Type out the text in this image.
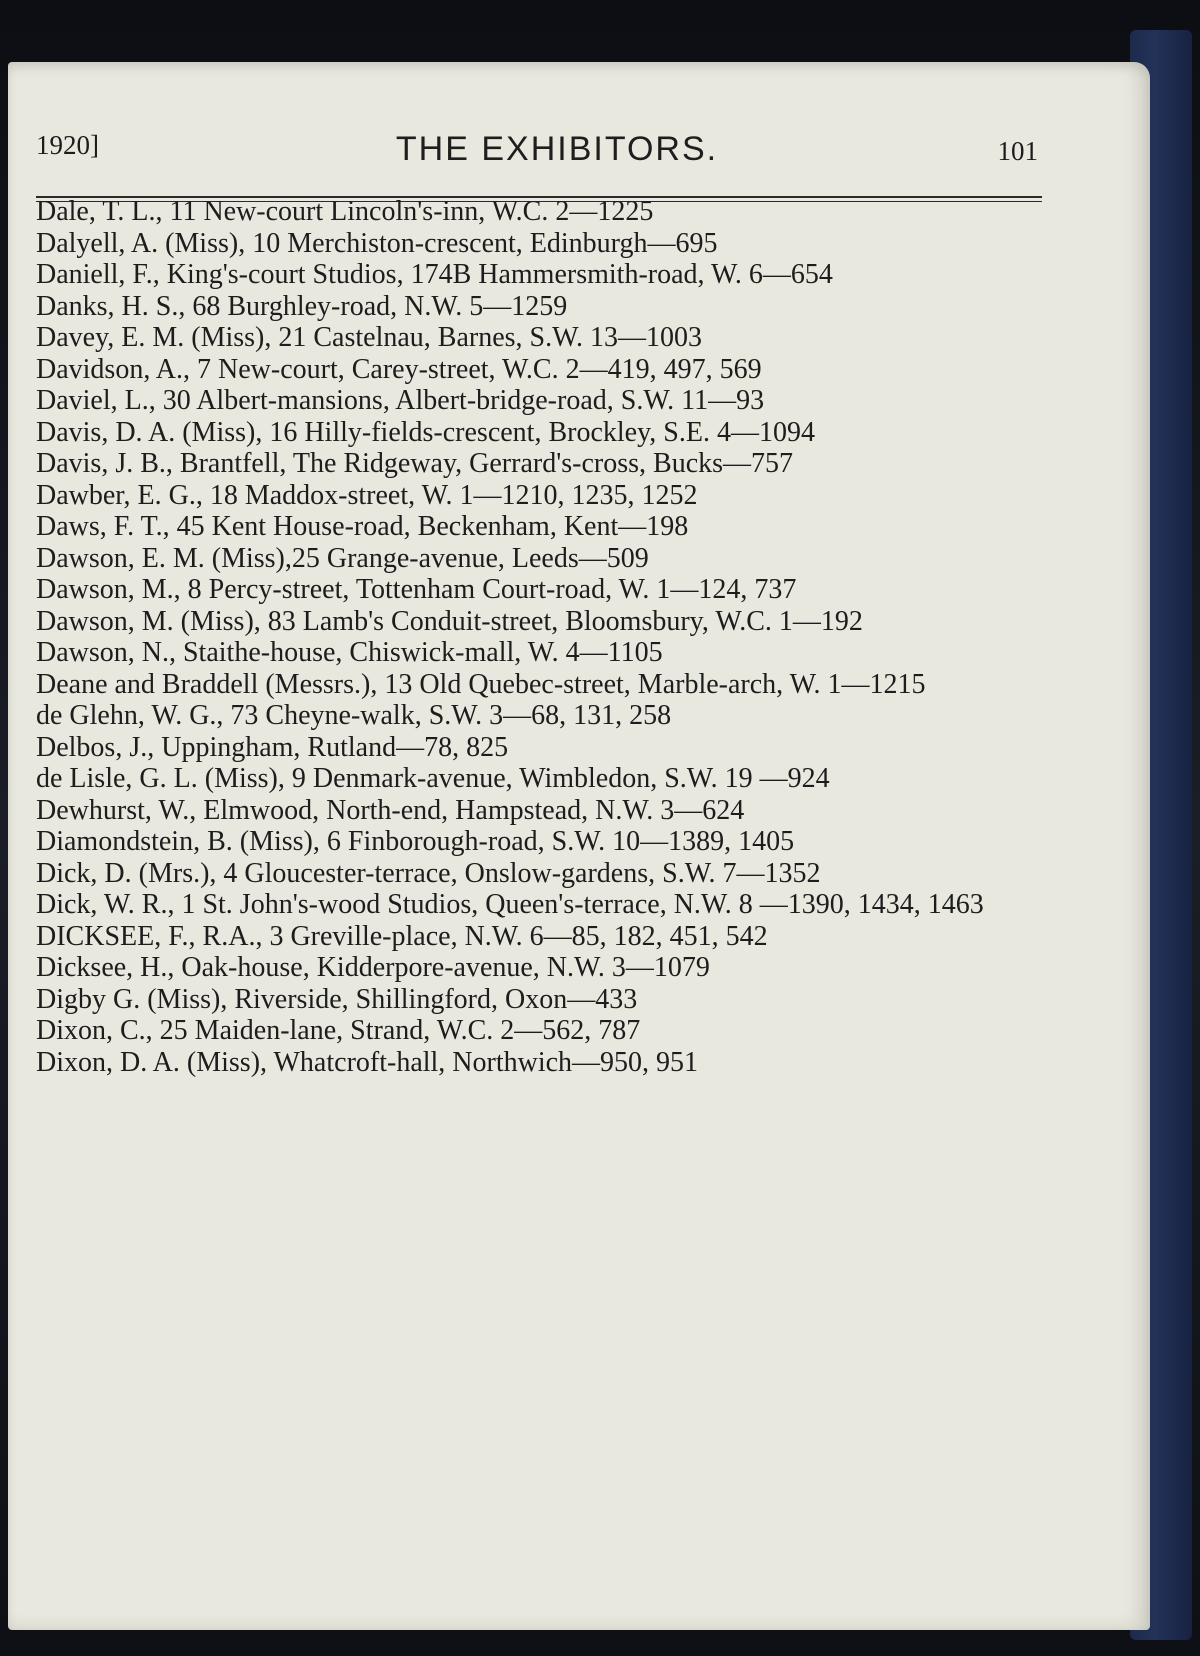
1920]	THE EXHIBITORS.	101
Dale, T. L., 11 New-court Lincoln's-inn, W.C. 2—1225
Dalyell, A. (Miss), 10 Merchiston-crescent, Edinburgh—695
Daniell, F., King's-court Studios, 174B Hammersmith-road, W. 6—654
Danks, H. S., 68 Burghley-road, N.W. 5—1259
Davey, E. M. (Miss), 21 Castelnau, Barnes, S.W. 13—1003
Davidson, A., 7 New-court, Carey-street, W.C. 2—419, 497, 569
Daviel, L., 30 Albert-mansions, Albert-bridge-road, S.W. 11—93
Davis, D. A. (Miss), 16 Hilly-fields-crescent, Brockley, S.E. 4—1094
Davis, J. B., Brantfell, The Ridgeway, Gerrard's-cross, Bucks—757
Dawber, E. G., 18 Maddox-street, W. 1—1210, 1235, 1252
Daws, F. T., 45 Kent House-road, Beckenham, Kent—198
Dawson, E. M. (Miss),25 Grange-avenue, Leeds—509
Dawson, M., 8 Percy-street, Tottenham Court-road, W. 1—124, 737
Dawson, M. (Miss), 83 Lamb's Conduit-street, Bloomsbury, W.C. 1—192
Dawson, N., Staithe-house, Chiswick-mall, W. 4—1105
Deane and Braddell (Messrs.), 13 Old Quebec-street, Marble-arch, W. 1—1215
de Glehn, W. G., 73 Cheyne-walk, S.W. 3—68, 131, 258
Delbos, J., Uppingham, Rutland—78, 825
de Lisle, G. L. (Miss), 9 Denmark-avenue, Wimbledon, S.W. 19 —924
Dewhurst, W., Elmwood, North-end, Hampstead, N.W. 3—624
Diamondstein, B. (Miss), 6 Finborough-road, S.W. 10—1389, 1405
Dick, D. (Mrs.), 4 Gloucester-terrace, Onslow-gardens, S.W. 7—1352
Dick, W. R., 1 St. John's-wood Studios, Queen's-terrace, N.W. 8 —1390, 1434, 1463
DICKSEE, F., R.A., 3 Greville-place, N.W. 6—85, 182, 451, 542
Dicksee, H., Oak-house, Kidderpore-avenue, N.W. 3—1079
Digby G. (Miss), Riverside, Shillingford, Oxon—433
Dixon, C., 25 Maiden-lane, Strand, W.C. 2—562, 787
Dixon, D. A. (Miss), Whatcroft-hall, Northwich—950, 951
